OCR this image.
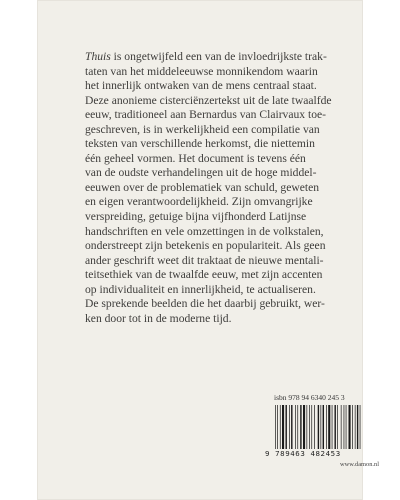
Thuis is ongetwijfeld een van de invloedrijkste trak-
taten van het middeleeuwse monnikendom waarin
het innerlijk ontwaken van de mens centraal staat.
Deze anonieme cisterciënzertekst uit de late twaalfde
eeuw, traditioneel aan Bernardus van Clairvaux toe-
geschreven, is in werkelijkheid een compilatie van
teksten van verschillende herkomst, die niettemin
één geheel vormen. Het document is tevens één
van de oudste verhandelingen uit de hoge middel-
eeuwen over de problematiek van schuld, geweten
en eigen verantwoordelijkheid. Zijn omvangrijke
verspreiding, getuige bijna vijfhonderd Latijnse
handschriften en vele omzettingen in de volkstalen,
onderstreept zijn betekenis en populariteit. Als geen
ander geschrift weet dit traktaat de nieuwe mentali-
teitsethiek van de twaalfde eeuw, met zijn accenten
op individualiteit en innerlijkheid, te actualiseren.
De sprekende beelden die het daarbij gebruikt, wer-
ken door tot in de moderne tijd.

isbn 978 94 6340 245 3
9 789463 482453
www.damon.nl
